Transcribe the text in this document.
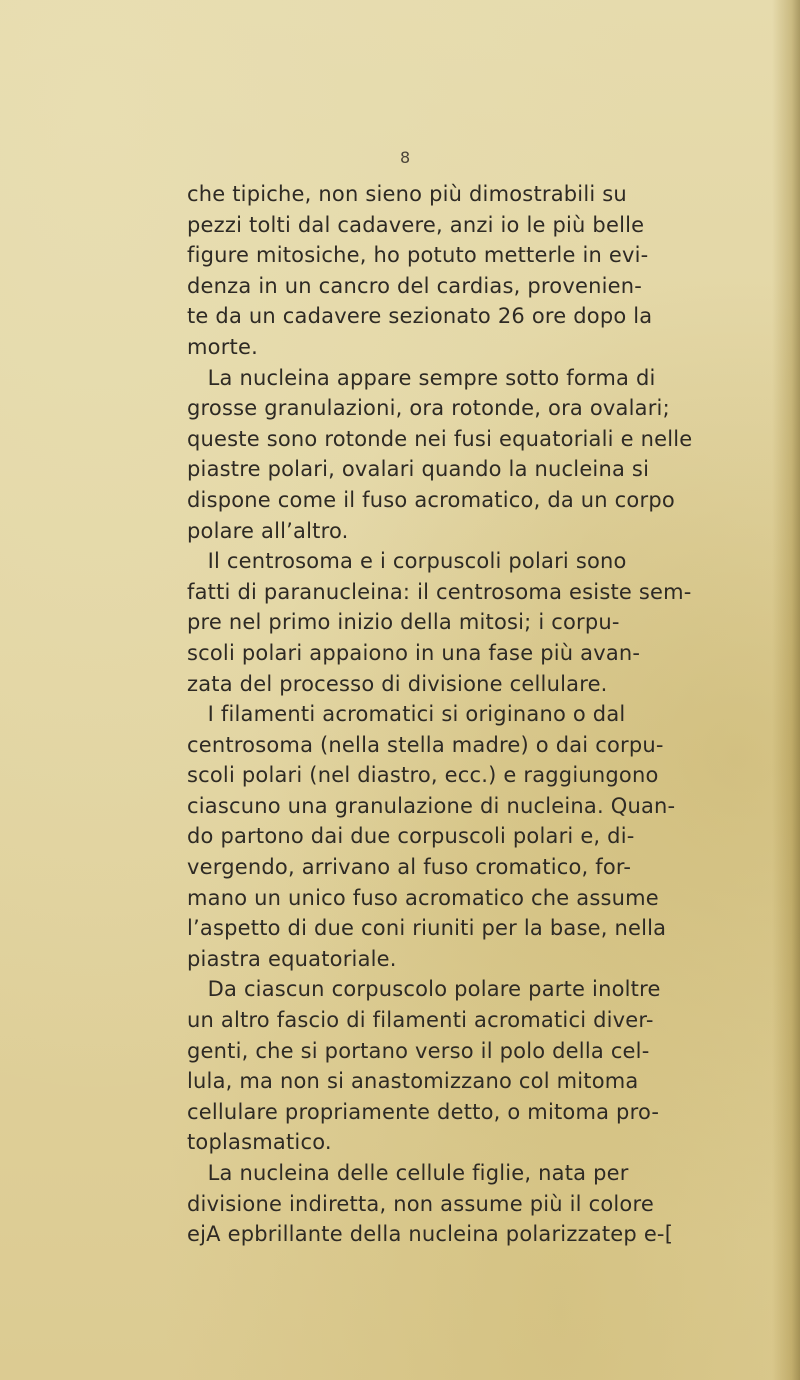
8
che tipiche, non sieno più dimostrabili su
pezzi tolti dal cadavere, anzi io le più belle
figure mitosiche, ho potuto metterle in evi-
denza in un cancro del cardias, provenien-
te da un cadavere sezionato 26 ore dopo la
morte.
La nucleina appare sempre sotto forma di
grosse granulazioni, ora rotonde, ora ovalari;
queste sono rotonde nei fusi equatoriali e nelle
piastre polari, ovalari quando la nucleina si
dispone come il fuso acromatico, da un corpo
polare all’altro.
Il centrosoma e i corpuscoli polari sono
fatti di paranucleina: il centrosoma esiste sem-
pre nel primo inizio della mitosi; i corpu-
scoli polari appaiono in una fase più avan-
zata del processo di divisione cellulare.
I filamenti acromatici si originano o dal
centrosoma (nella stella madre) o dai corpu-
scoli polari (nel diastro, ecc.) e raggiungono
ciascuno una granulazione di nucleina. Quan-
do partono dai due corpuscoli polari e, di-
vergendo, arrivano al fuso cromatico, for-
mano un unico fuso acromatico che assume
l’aspetto di due coni riuniti per la base, nella
piastra equatoriale.
Da ciascun corpuscolo polare parte inoltre
un altro fascio di filamenti acromatici diver-
genti, che si portano verso il polo della cel-
lula, ma non si anastomizzano col mitoma
cellulare propriamente detto, o mitoma pro-
toplasmatico.
La nucleina delle cellule figlie, nata per
divisione indiretta, non assume più il colore
ejA epbrillante della nucleina polarizzatep e-[
